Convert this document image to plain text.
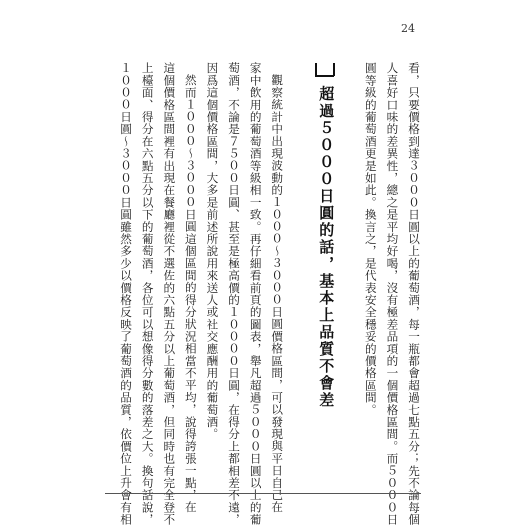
24
看，只要價格到達３０００日圓以上的葡萄酒，每一瓶都會超過七點五分；先不論每個
人喜好口味的差異性，總之是平均好喝，沒有極差品項的一個價格區間。而５０００日
圓等級的葡萄酒更是如此。換言之，是代表安全穩妥的價格區間。
超過５０００日圓的話，基本上品質不會差
觀察統計中出現波動的１０００～３０００日圓價格區間，可以發現與平日自己在
家中飲用的葡萄酒等級相一致。再仔細看前頁的圖表，舉凡超過５０００日圓以上的葡
萄酒，不論是７５００日圓、甚至是極高價的１００００日圓，在得分上都相差不遠，
因爲這個價格區間，大多是前述所說用來送人或社交應酬用的葡萄酒。
然而１０００～３０００日圓這個區間的得分狀況相當不平均，說得誇張一點，在
這個價格區間裡有出現在餐廳裡從不選佐的六點五分以上葡萄酒，但同時也有完全登不
上檯面、得分在六點五分以下的葡萄酒，各位可以想像得分數的落差之大。換句話說，
１０００日圓～３０００日圓雖然多少以價格反映了葡萄酒的品質，依價位上升會有相
